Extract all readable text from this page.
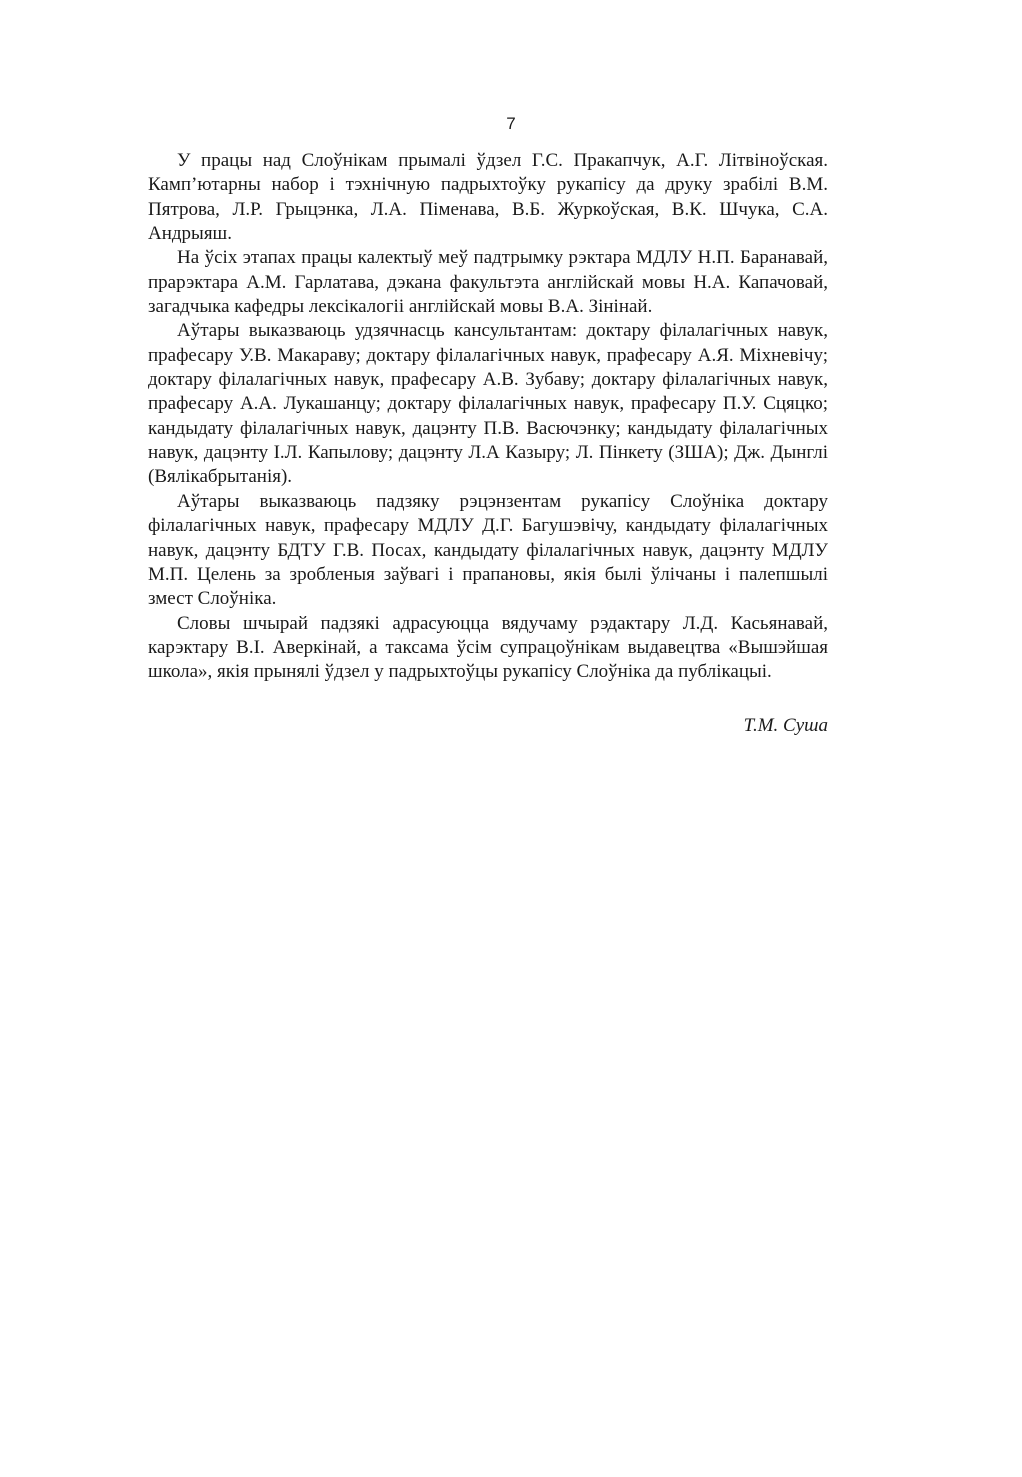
7

У працы над Слоўнікам прымалі ўдзел Г.С. Пракапчук, А.Г. Літвіноўская. Камп’ютарны набор і тэхнічную падрыхтоўку рукапісу да друку зрабілі В.М. Пятрова, Л.Р. Грыцэнка, Л.А. Піменава, В.Б. Журкоўская, В.К. Шчука, С.А. Андрыяш.

На ўсіх этапах працы калектыў меў падтрымку рэктара МДЛУ Н.П. Баранавай, прарэктара А.М. Гарлатава, дэкана факультэта англійскай мовы Н.А. Капачовай, загадчыка кафедры лексікалогіі англійскай мовы В.А. Зінінай.

Аўтары выказваюць удзячнасць кансультантам: доктару філалагічных навук, прафесару У.В. Макараву; доктару філалагічных навук, прафесару А.Я. Міхневічу; доктару філалагічных навук, прафесару А.В. Зубаву; доктару філалагічных навук, прафесару А.А. Лукашанцу; доктару філалагічных навук, прафесару П.У. Сцяцко; кандыдату філалагічных навук, дацэнту П.В. Васючэнку; кандыдату філалагічных навук, дацэнту І.Л. Капылову; дацэнту Л.А Казыру; Л. Пінкету (ЗША); Дж. Дынглі (Вялікабрытанія).

Аўтары выказваюць падзяку рэцэнзентам рукапісу Слоўніка доктару філалагічных навук, прафесару МДЛУ Д.Г. Багушэвічу, кандыдату філалагічных навук, дацэнту БДТУ Г.В. Посах, кандыдату філалагічных навук, дацэнту МДЛУ М.П. Целень за зробленыя заўвагі і прапановы, якія былі ўлічаны і палепшылі змест Слоўніка.

Словы шчырай падзякі адрасуюцца вядучаму рэдактару Л.Д. Касьянавай, карэктару В.І. Аверкінай, а таксама ўсім супрацоўнікам выдавецтва «Вышэйшая школа», якія прынялі ўдзел у падрыхтоўцы рукапісу Слоўніка да публікацыі.

Т.М. Суша
